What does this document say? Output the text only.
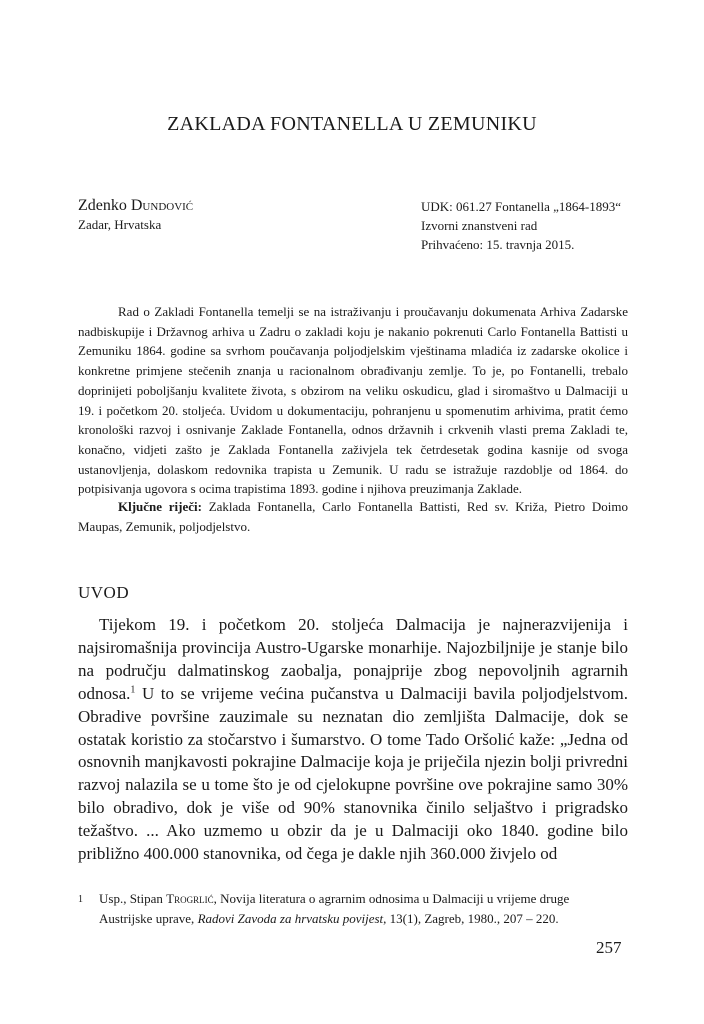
ZAKLADA FONTANELLA U ZEMUNIKU
Zdenko Dundović
Zadar, Hrvatska
UDK: 061.27 Fontanella „1864-1893“
Izvorni znanstveni rad
Prihvaćeno: 15. travnja 2015.

Rad o Zakladi Fontanella temelji se na istraživanju i proučavanju dokumenata Arhiva Zadarske nadbiskupije i Državnog arhiva u Zadru o zakladi koju je nakanio pokrenuti Carlo Fontanella Battisti u Zemuniku 1864. godine sa svrhom poučavanja poljodjelskim vještinama mladića iz zadarske okolice i konkretne primjene stečenih znanja u racionalnom obrađivanju zemlje. To je, po Fontanelli, trebalo doprinijeti poboljšanju kvalitete života, s obzirom na veliku oskudicu, glad i siromaštvo u Dalmaciji u 19. i početkom 20. stoljeća. Uvidom u dokumentaciju, pohranjenu u spomenutim arhivima, pratit ćemo kronološki razvoj i osnivanje Zaklade Fontanella, odnos državnih i crkvenih vlasti prema Zakladi te, konačno, vidjeti zašto je Zaklada Fontanella zaživjela tek četrdesetak godina kasnije od svoga ustanovljenja, dolaskom redovnika trapista u Zemunik. U radu se istražuje razdoblje od 1864. do potpisivanja ugovora s ocima trapistima 1893. godine i njihova preuzimanja Zaklade.

Ključne riječi: Zaklada Fontanella, Carlo Fontanella Battisti, Red sv. Križa, Pietro Doimo Maupas, Zemunik, poljodjelstvo.

UVOD

Tijekom 19. i početkom 20. stoljeća Dalmacija je najnerazvijenija i najsiromašnija provincija Austro-Ugarske monarhije. Najozbiljnije je stanje bilo na području dalmatinskog zaobalja, ponajprije zbog nepovoljnih agrarnih odnosa.$^1$ U to se vrijeme većina pučanstva u Dalmaciji bavila poljodjelstvom. Obradive površine zauzimale su neznatan dio zemljišta Dalmacije, dok se ostatak koristio za stočarstvo i šumarstvo. O tome Tado Oršolić kaže: „Jedna od osnovnih manjkavosti pokrajine Dalmacije koja je priječila njezin bolji privredni razvoj nalazila se u tome što je od cjelokupne površine ove pokrajine samo 30% bilo obradivo, dok je više od 90% stanovnika činilo seljaštvo i prigradsko težaštvo. ... Ako uzmemo u obzir da je u Dalmaciji oko 1840. godine bilo približno 400.000 stanovnika, od čega je dakle njih 360.000 živjelo od

1 Usp., Stipan Trogrlić, Novija literatura o agrarnim odnosima u Dalmaciji u vrijeme druge Austrijske uprave, Radovi Zavoda za hrvatsku povijest, 13(1), Zagreb, 1980., 207 – 220.

257
